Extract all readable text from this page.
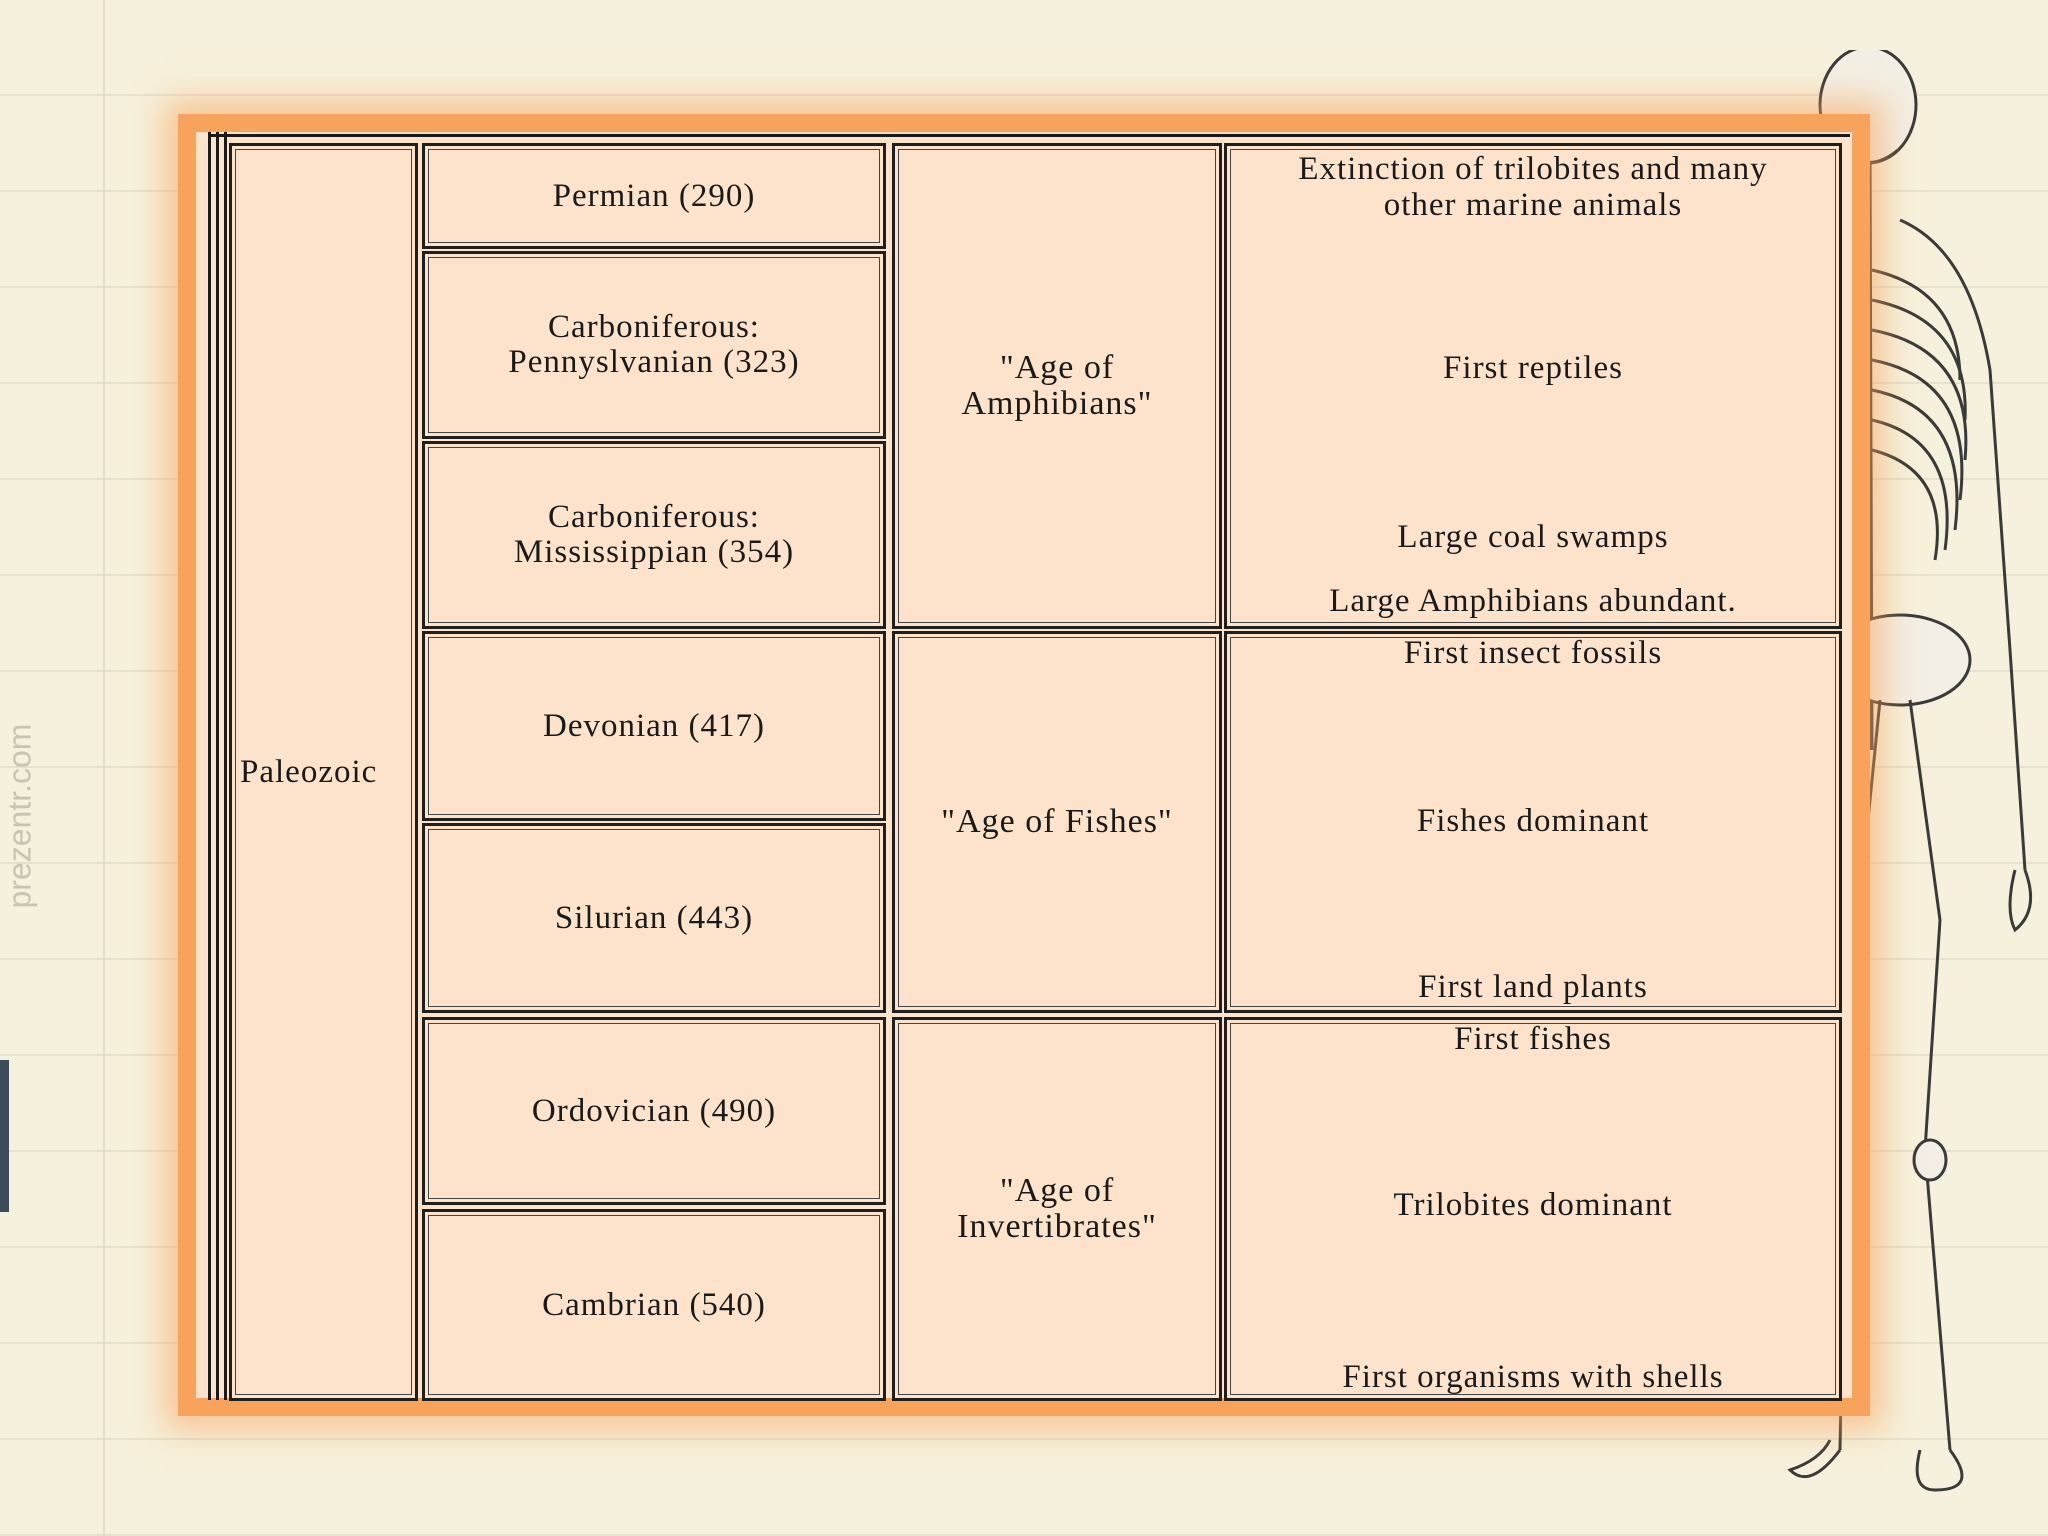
prezentr.com	Paleozoic
Permian (290)
Carboniferous:
Pennyslvanian (323)
Carboniferous:
Mississippian (354)
Devonian (417)
Silurian (443)
Ordovician (490)
Cambrian (540)
"Age of
Amphibians"
"Age of Fishes"
"Age of
Invertibrates"
Extinction of trilobites and many
other marine animals
First reptiles
Large coal swamps
Large Amphibians abundant.
First insect fossils
Fishes dominant
First land plants
First fishes
Trilobites dominant
First organisms with shells
